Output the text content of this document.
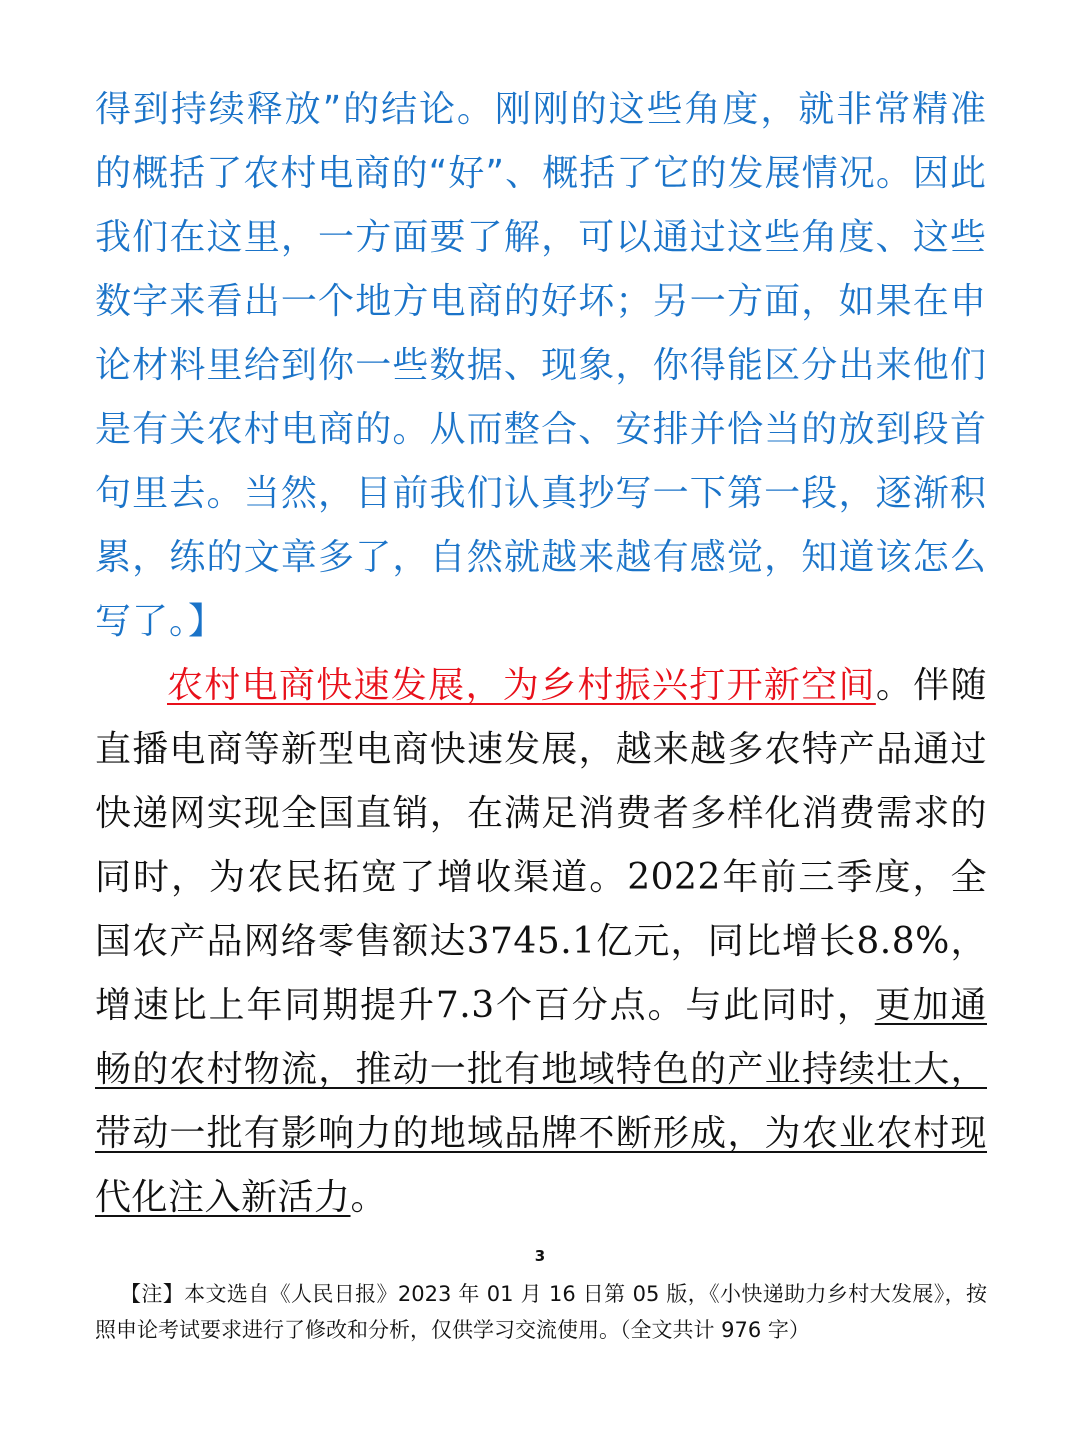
得到持续释放”的结论。刚刚的这些角度，就非常精准的概括了农村电商的“好”、概括了它的发展情况。因此我们在这里，一方面要了解，可以通过这些角度、这些数字来看出一个地方电商的好坏；另一方面，如果在申论材料里给到你一些数据、现象，你得能区分出来他们是有关农村电商的。从而整合、安排并恰当的放到段首句里去。当然，目前我们认真抄写一下第一段，逐渐积累，练的文章多了，自然就越来越有感觉，知道该怎么写了。】

农村电商快速发展，为乡村振兴打开新空间。伴随直播电商等新型电商快速发展，越来越多农特产品通过快递网实现全国直销，在满足消费者多样化消费需求的同时，为农民拓宽了增收渠道。2022年前三季度，全国农产品网络零售额达3745.1亿元，同比增长8.8%，增速比上年同期提升7.3个百分点。与此同时，更加通畅的农村物流，推动一批有地域特色的产业持续壮大，带动一批有影响力的地域品牌不断形成，为农业农村现代化注入新活力。

3

【注】本文选自《人民日报》2023 年 01 月 16 日第 05 版，《小快递助力乡村大发展》，按照申论考试要求进行了修改和分析，仅供学习交流使用。（全文共计 976 字）
